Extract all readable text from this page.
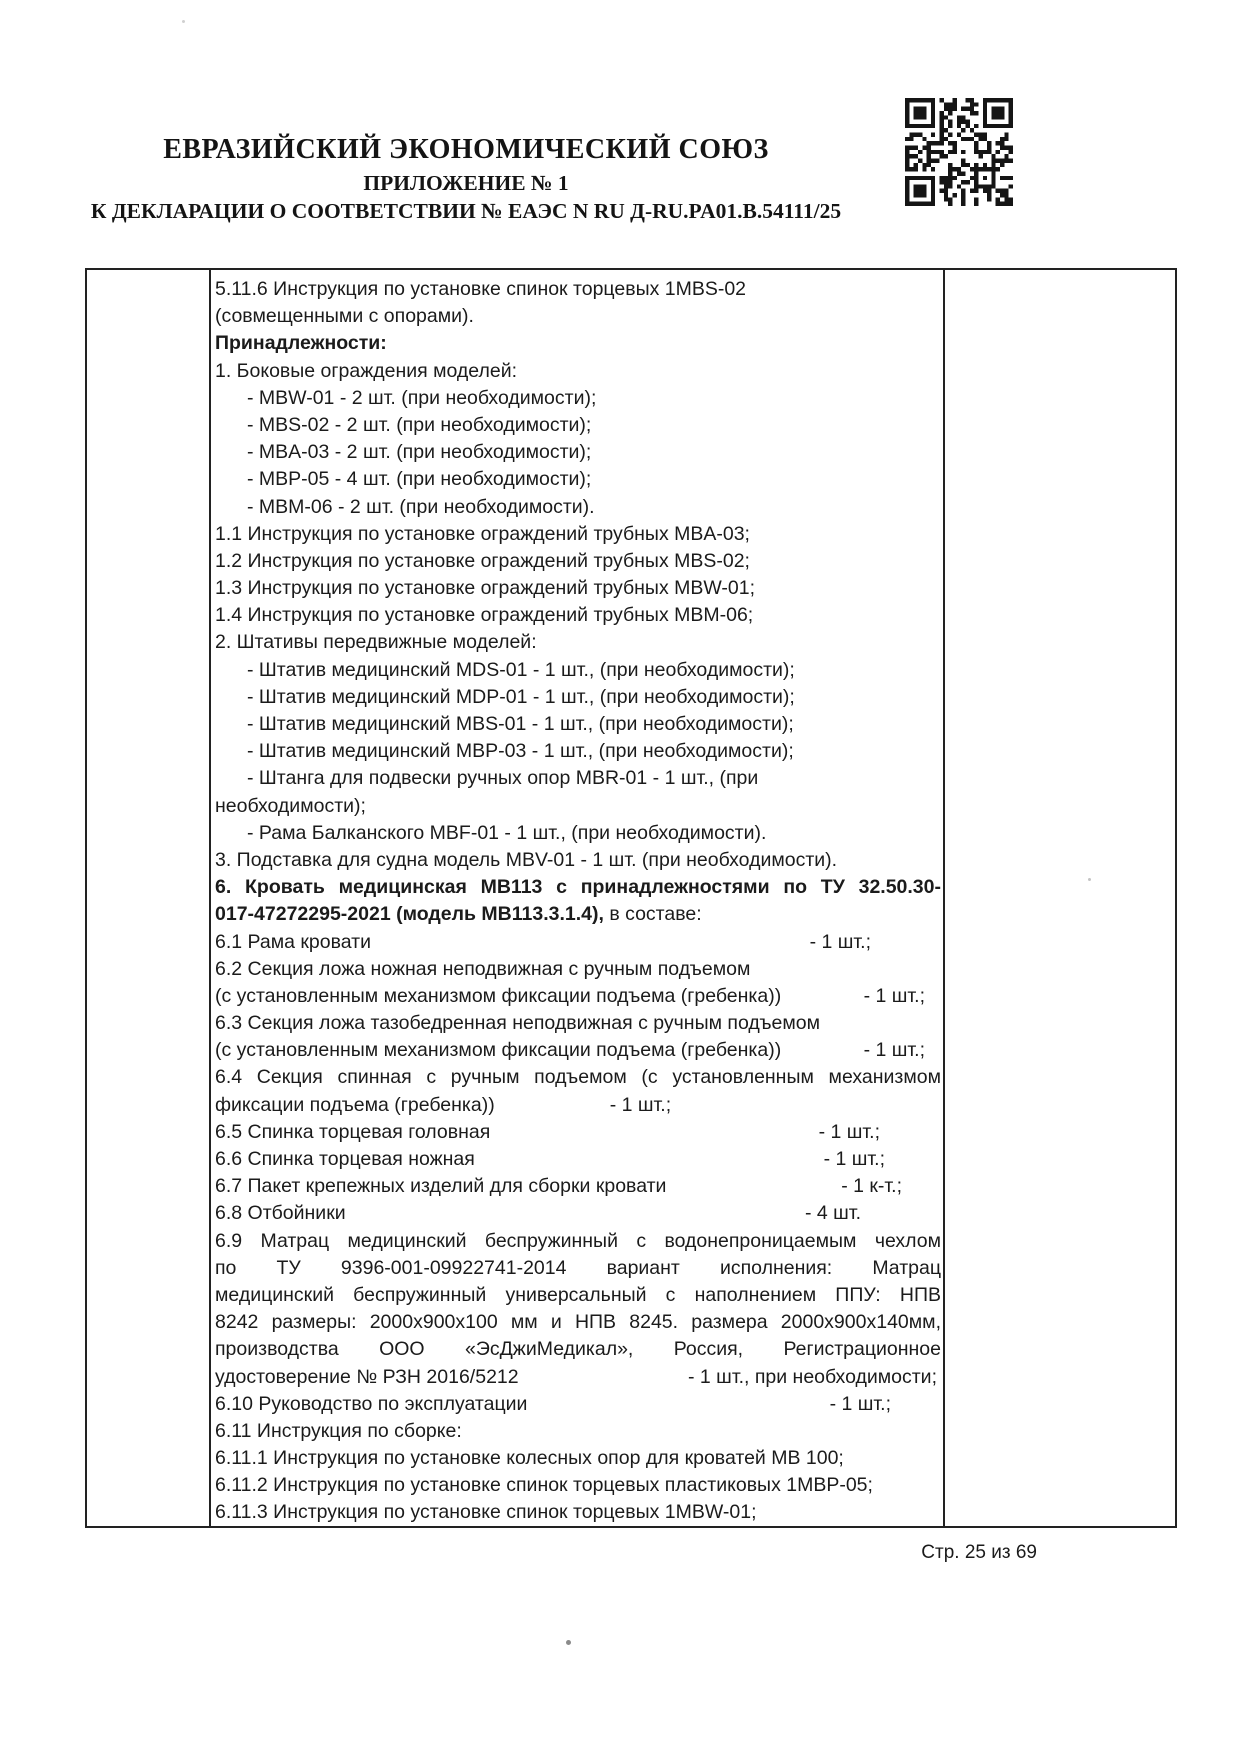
ЕВРАЗИЙСКИЙ ЭКОНОМИЧЕСКИЙ СОЮЗ
ПРИЛОЖЕНИЕ № 1
К ДЕКЛАРАЦИИ О СООТВЕТСТВИИ № ЕАЭС N RU Д-RU.PA01.B.54111/25
5.11.6 Инструкция по установке спинок торцевых 1MBS-02
(совмещенными с опорами).
Принадлежности:
1. Боковые ограждения моделей:
- MBW-01 - 2 шт. (при необходимости);
- MBS-02 - 2 шт. (при необходимости);
- MBA-03 - 2 шт. (при необходимости);
- MBP-05 - 4 шт. (при необходимости);
- MBM-06 - 2 шт. (при необходимости).
1.1 Инструкция по установке ограждений трубных MBA-03;
1.2 Инструкция по установке ограждений трубных MBS-02;
1.3 Инструкция по установке ограждений трубных MBW-01;
1.4 Инструкция по установке ограждений трубных MBM-06;
2. Штативы передвижные моделей:
- Штатив медицинский MDS-01 - 1 шт., (при необходимости);
- Штатив медицинский MDP-01 - 1 шт., (при необходимости);
- Штатив медицинский MBS-01 - 1 шт., (при необходимости);
- Штатив медицинский MBP-03 - 1 шт., (при необходимости);
- Штанга для подвески ручных опор MBR-01 - 1 шт., (при
необходимости);
- Рама Балканского MBF-01 - 1 шт., (при необходимости).
3. Подставка для судна модель MBV-01 - 1 шт. (при необходимости).
6. Кровать медицинская МВ113 с принадлежностями по ТУ 32.50.30-
017-47272295-2021 (модель МВ113.3.1.4), в составе:
6.1 Рама кровати	- 1 шт.;
6.2 Секция ложа ножная неподвижная с ручным подъемом
(с установленным механизмом фиксации подъема (гребенка))	- 1 шт.;
6.3 Секция ложа тазобедренная неподвижная с ручным подъемом
(с установленным механизмом фиксации подъема (гребенка))	- 1 шт.;
6.4 Секция спинная с ручным подъемом (с установленным механизмом
фиксации подъема (гребенка))	- 1 шт.;
6.5 Спинка торцевая головная	- 1 шт.;
6.6 Спинка торцевая ножная	- 1 шт.;
6.7 Пакет крепежных изделий для сборки кровати	- 1 к-т.;
6.8 Отбойники	- 4 шт.
6.9 Матрац медицинский беспружинный с водонепроницаемым чехлом
по ТУ 9396-001-09922741-2014 вариант исполнения: Матрац
медицинский беспружинный универсальный с наполнением ППУ: НПВ
8242 размеры: 2000х900х100 мм и НПВ 8245. размера 2000х900х140мм,
производства ООО «ЭсДжиМедикал», Россия, Регистрационное
удостоверение № РЗН 2016/5212	- 1 шт., при необходимости;
6.10 Руководство по эксплуатации	- 1 шт.;
6.11 Инструкция по сборке:
6.11.1 Инструкция по установке колесных опор для кроватей МВ 100;
6.11.2 Инструкция по установке спинок торцевых пластиковых 1МВР-05;
6.11.3 Инструкция по установке спинок торцевых 1MBW-01;
Стр. 25 из 69
